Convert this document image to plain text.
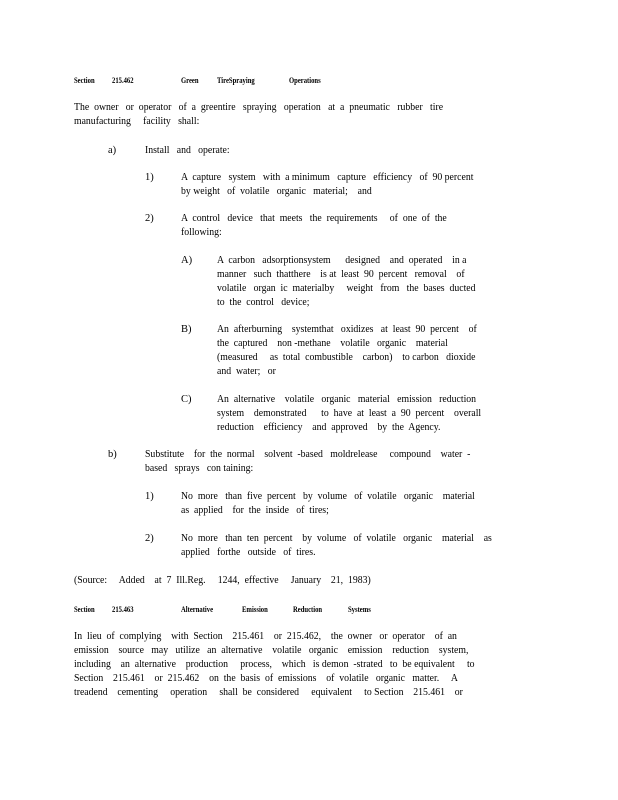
Section 215.462	Green TireSpraying	Operations
The  owner   or  operator   of  a  greentire   spraying   operation   at  a  pneumatic   rubber   tire
manufacturing     facility   shall:
a)	Install   and   operate:
1)	A  capture   system   with  a minimum   capture   efficiency   of  90 percent
by weight   of  volatile   organic   material;    and
2)	A  control   device   that  meets   the  requirements     of  one  of  the
following:
A) A  carbon   adsorptionsystem      designed    and  operated    in a
manner   such  thatthere    is at  least  90  percent   removal    of
volatile   organ  ic  materialby     weight   from   the  bases  ducted
to  the  control   device;
B) An  afterburning    systemthat   oxidizes   at  least  90  percent    of
the  captured    non -methane    volatile   organic    material
(measured     as  total  combustible    carbon)    to carbon   dioxide
and  water;   or
C) An  alternative    volatile   organic   material   emission   reduction
system    demonstrated      to  have  at  least  a  90  percent    overall
reduction    efficiency    and  approved    by  the  Agency.
b)	Substitute    for  the  normal    solvent  -based   moldrelease     compound    water  -
based   sprays   con taining:
1)	No  more   than  five  percent   by  volume   of  volatile   organic    material
as  applied    for  the  inside   of  tires;
2)	No  more   than  ten  percent    by  volume   of  volatile   organic    material    as
applied   forthe   outside   of  tires.
(Source:     Added    at  7  Ill.Reg.     1244,  effective     January    21,  1983)
Section 215.463	Alternative	Emission	Reduction	Systems
In  lieu  of  complying    with  Section    215.461    or  215.462,    the  owner   or  operator    of  an
emission    source   may   utilize   an  alternative    volatile   organic    emission    reduction    system,
including    an  alternative    production     process,    which   is demon  -strated   to  be equivalent     to
Section    215.461    or  215.462    on  the  basis  of  emissions    of  volatile   organic   matter.     A
treadend    cementing     operation     shall  be  considered     equivalent     to Section    215.461    or
